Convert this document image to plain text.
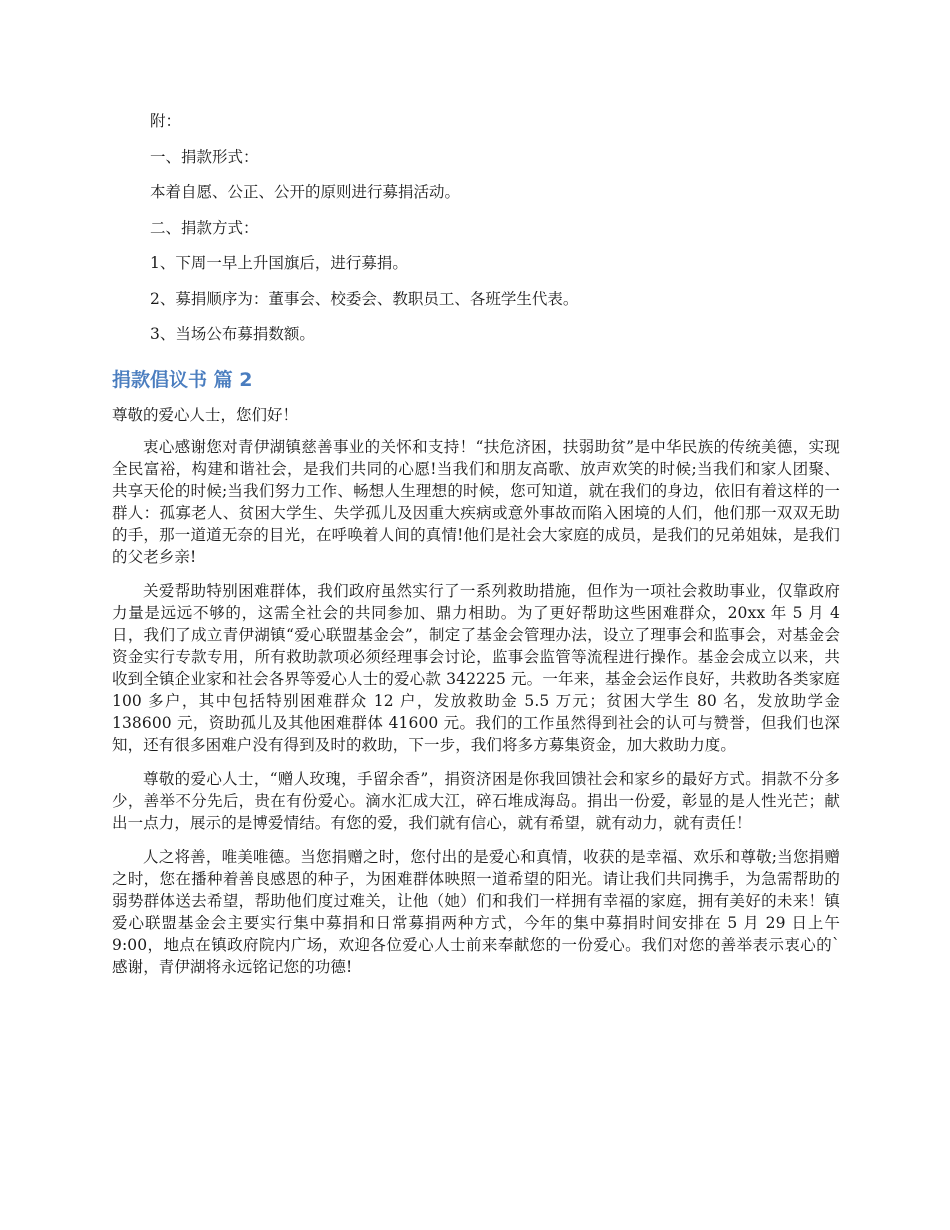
附：

一、捐款形式：

本着自愿、公正、公开的原则进行募捐活动。

二、捐款方式：

1、下周一早上升国旗后，进行募捐。

2、募捐顺序为：董事会、校委会、教职员工、各班学生代表。

3、当场公布募捐数额。

捐款倡议书 篇 2

尊敬的爱心人士，您们好！

衷心感谢您对青伊湖镇慈善事业的关怀和支持！“扶危济困，扶弱助贫”是中华民族的传统美德，实现全民富裕，构建和谐社会，是我们共同的心愿!当我们和朋友高歌、放声欢笑的时候;当我们和家人团聚、共享天伦的时候;当我们努力工作、畅想人生理想的时候，您可知道，就在我们的身边，依旧有着这样的一群人：孤寡老人、贫困大学生、失学孤儿及因重大疾病或意外事故而陷入困境的人们，他们那一双双无助的手，那一道道无奈的目光，在呼唤着人间的真情!他们是社会大家庭的成员，是我们的兄弟姐妹，是我们的父老乡亲!

关爱帮助特别困难群体，我们政府虽然实行了一系列救助措施，但作为一项社会救助事业，仅靠政府力量是远远不够的，这需全社会的共同参加、鼎力相助。为了更好帮助这些困难群众，20xx 年 5 月 4 日，我们了成立青伊湖镇“爱心联盟基金会”，制定了基金会管理办法，设立了理事会和监事会，对基金会资金实行专款专用，所有救助款项必须经理事会讨论，监事会监管等流程进行操作。基金会成立以来，共收到全镇企业家和社会各界等爱心人士的爱心款 342225 元。一年来，基金会运作良好，共救助各类家庭 100 多户，其中包括特别困难群众 12 户，发放救助金 5.5 万元；贫困大学生 80 名，发放助学金 138600 元，资助孤儿及其他困难群体 41600 元。我们的工作虽然得到社会的认可与赞誉，但我们也深知，还有很多困难户没有得到及时的救助，下一步，我们将多方募集资金，加大救助力度。

尊敬的爱心人士，“赠人玫瑰，手留余香”，捐资济困是你我回馈社会和家乡的最好方式。捐款不分多少，善举不分先后，贵在有份爱心。滴水汇成大江，碎石堆成海岛。捐出一份爱，彰显的是人性光芒；献出一点力，展示的是博爱情结。有您的爱，我们就有信心，就有希望，就有动力，就有责任！

人之将善，唯美唯德。当您捐赠之时，您付出的是爱心和真情，收获的是幸福、欢乐和尊敬;当您捐赠之时，您在播种着善良感恩的种子，为困难群体映照一道希望的阳光。请让我们共同携手，为急需帮助的弱势群体送去希望，帮助他们度过难关，让他（她）们和我们一样拥有幸福的家庭，拥有美好的未来！镇爱心联盟基金会主要实行集中募捐和日常募捐两种方式，今年的集中募捐时间安排在 5 月 29 日上午 9:00，地点在镇政府院内广场，欢迎各位爱心人士前来奉献您的一份爱心。我们对您的善举表示衷心的`感谢，青伊湖将永远铭记您的功德!
